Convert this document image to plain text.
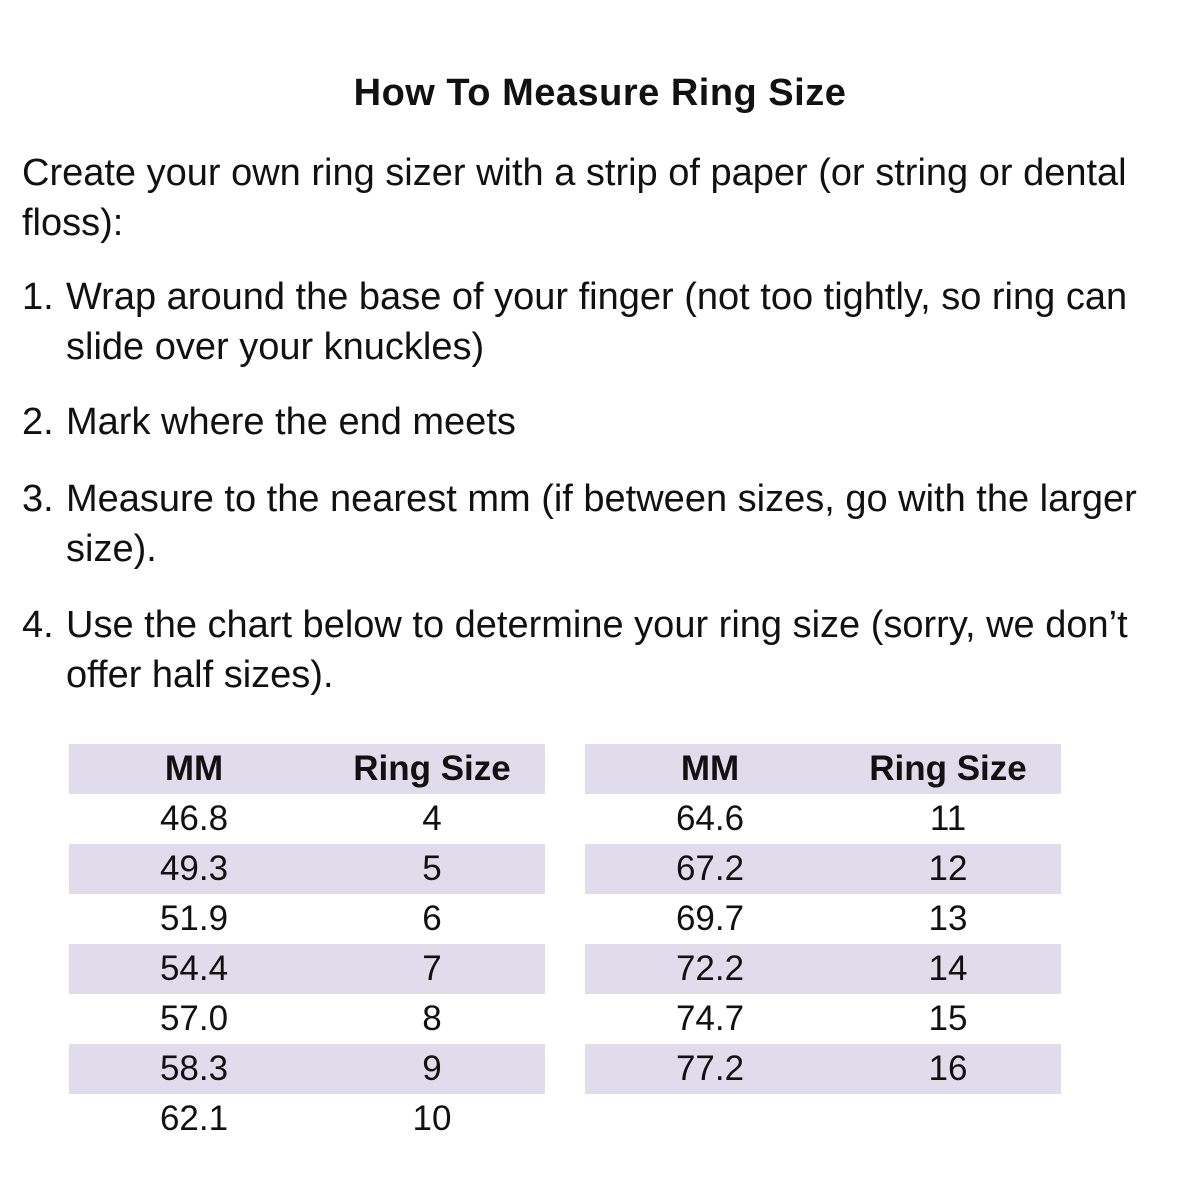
How To Measure Ring Size
Create your own ring sizer with a strip of paper (or string or dental floss):
1. Wrap around the base of your finger (not too tightly, so ring can slide over your knuckles)
2. Mark where the end meets
3. Measure to the nearest mm (if between sizes, go with the larger size).
4. Use the chart below to determine your ring size (sorry, we don’t offer half sizes).
MM	Ring Size
46.8	4
49.3	5
51.9	6
54.4	7
57.0	8
58.3	9
62.1	10
MM	Ring Size
64.6	11
67.2	12
69.7	13
72.2	14
74.7	15
77.2	16
